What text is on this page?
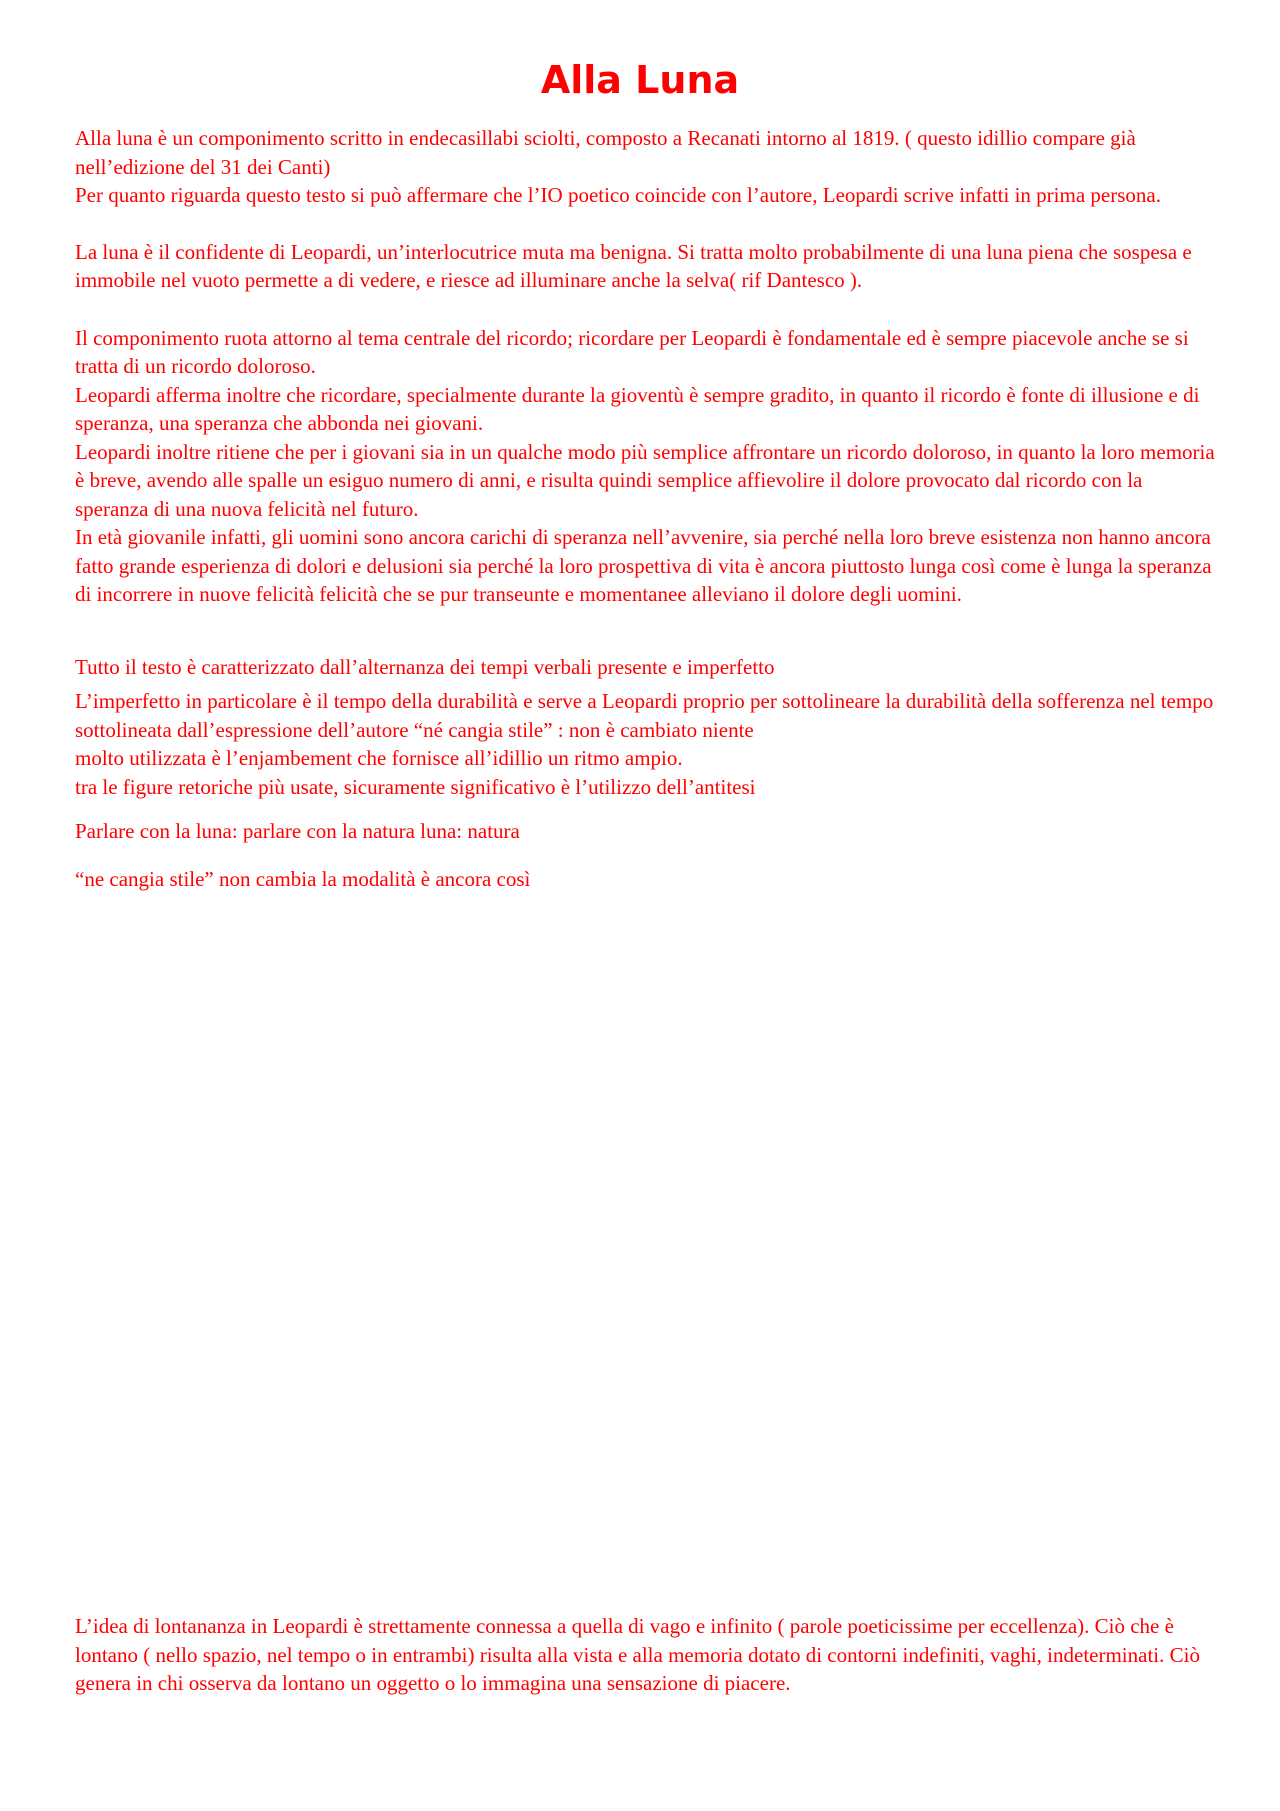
Alla Luna

Alla luna è un componimento scritto in endecasillabi sciolti, composto a Recanati intorno al 1819. ( questo idillio compare già nell’edizione del 31 dei Canti)

Per quanto riguarda questo testo si può affermare che l’IO poetico coincide con l’autore, Leopardi scrive infatti in prima persona.

La luna è il confidente di Leopardi, un’interlocutrice muta ma benigna. Si tratta molto probabilmente di una luna piena che sospesa e immobile nel vuoto permette a di vedere, e riesce ad illuminare anche la selva( rif Dantesco ).

Il componimento ruota attorno al tema centrale del ricordo; ricordare per Leopardi è fondamentale ed è sempre piacevole anche se si tratta di un ricordo doloroso.

Leopardi afferma inoltre che ricordare, specialmente durante la gioventù è sempre gradito, in quanto il ricordo è fonte di illusione e di speranza, una speranza che abbonda nei giovani.

Leopardi inoltre ritiene che per i giovani sia in un qualche modo più semplice affrontare un ricordo doloroso, in quanto la loro memoria è breve, avendo alle spalle un esiguo numero di anni, e risulta quindi semplice affievolire il dolore provocato dal ricordo con la speranza di una nuova felicità nel futuro.

In età giovanile infatti, gli uomini sono ancora carichi di speranza nell’avvenire, sia perché nella loro breve esistenza non hanno ancora fatto grande esperienza di dolori e delusioni sia perché la loro prospettiva di vita è ancora piuttosto lunga così come è lunga la speranza di incorrere in nuove felicità felicità che se pur transeunte e momentanee alleviano il dolore degli uomini.

Tutto il testo è caratterizzato dall’alternanza dei tempi verbali presente e imperfetto

L’imperfetto in particolare è il tempo della durabilità e serve a Leopardi proprio per sottolineare la durabilità della sofferenza nel tempo sottolineata dall’espressione dell’autore “né cangia stile” : non è cambiato niente

molto utilizzata è l’enjambement che fornisce all’idillio un ritmo ampio.

tra le figure retoriche più usate, sicuramente significativo è l’utilizzo dell’antitesi

Parlare con la luna: parlare con la natura luna: natura

“ne cangia stile” non cambia la modalità è ancora così

L’idea di lontananza in Leopardi è strettamente connessa a quella di vago e infinito ( parole poeticissime per eccellenza). Ciò che è lontano ( nello spazio, nel tempo o in entrambi) risulta alla vista e alla memoria dotato di contorni indefiniti, vaghi, indeterminati. Ciò genera in chi osserva da lontano un oggetto o lo immagina una sensazione di piacere.
